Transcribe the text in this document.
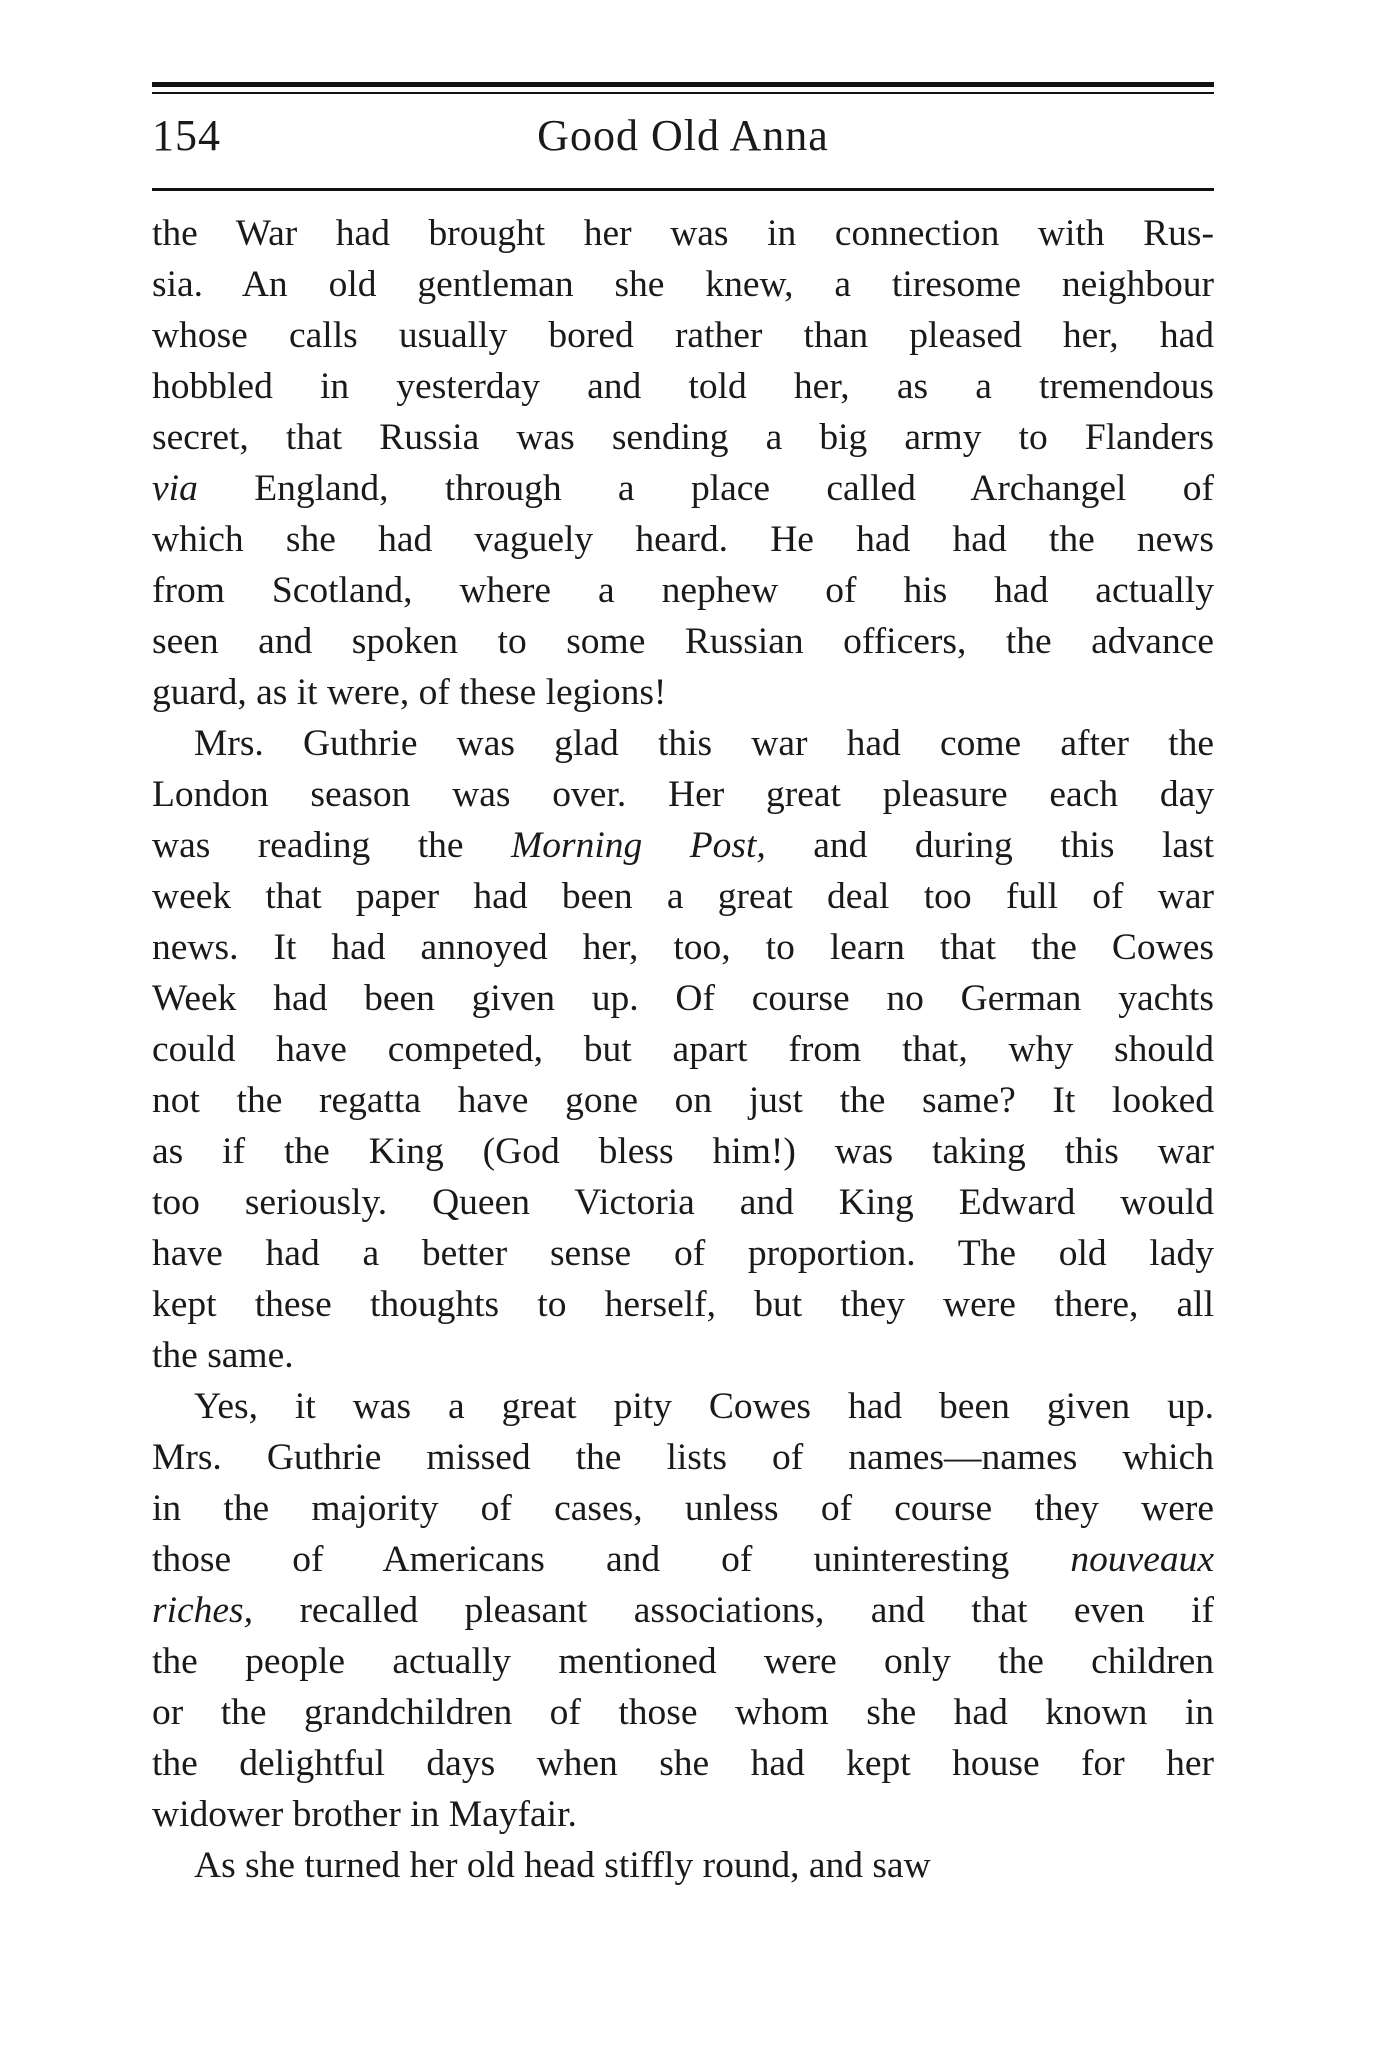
154	Good Old Anna
the War had brought her was in connection with Rus-
sia. An old gentleman she knew, a tiresome neighbour
whose calls usually bored rather than pleased her, had
hobbled in yesterday and told her, as a tremendous
secret, that Russia was sending a big army to Flanders
via England, through a place called Archangel of
which she had vaguely heard. He had had the news
from Scotland, where a nephew of his had actually
seen and spoken to some Russian officers, the advance
guard, as it were, of these legions!
Mrs. Guthrie was glad this war had come after the
London season was over. Her great pleasure each day
was reading the Morning Post, and during this last
week that paper had been a great deal too full of war
news. It had annoyed her, too, to learn that the Cowes
Week had been given up. Of course no German yachts
could have competed, but apart from that, why should
not the regatta have gone on just the same? It looked
as if the King (God bless him!) was taking this war
too seriously. Queen Victoria and King Edward would
have had a better sense of proportion. The old lady
kept these thoughts to herself, but they were there, all
the same.
Yes, it was a great pity Cowes had been given up.
Mrs. Guthrie missed the lists of names—names which
in the majority of cases, unless of course they were
those of Americans and of uninteresting nouveaux
riches, recalled pleasant associations, and that even if
the people actually mentioned were only the children
or the grandchildren of those whom she had known in
the delightful days when she had kept house for her
widower brother in Mayfair.
As she turned her old head stiffly round, and saw
